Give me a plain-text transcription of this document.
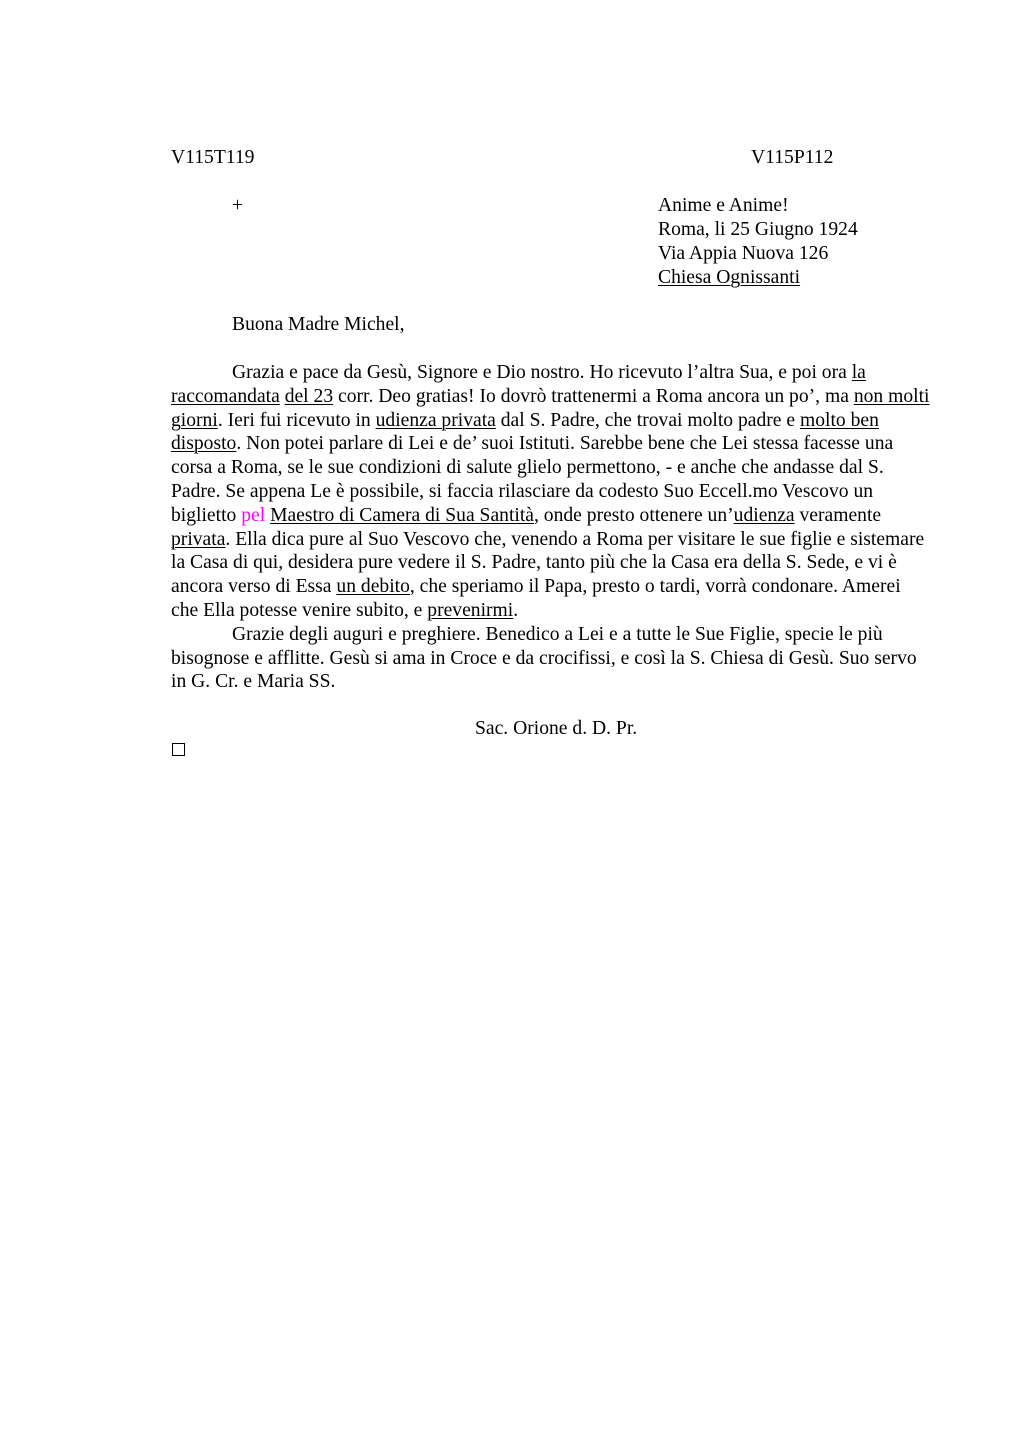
V115T119	V115P112
+	Anime e Anime!
Roma, li 25 Giugno 1924
Via Appia Nuova 126
Chiesa Ognissanti
Buona Madre Michel,

Grazia e pace da Gesù, Signore e Dio nostro. Ho ricevuto l’altra Sua, e poi ora la raccomandata del 23 corr. Deo gratias! Io dovrò trattenermi a Roma ancora un po’, ma non molti giorni. Ieri fui ricevuto in udienza privata dal S. Padre, che trovai molto padre e molto ben disposto. Non potei parlare di Lei e de’ suoi Istituti. Sarebbe bene che Lei stessa facesse una corsa a Roma, se le sue condizioni di salute glielo permettono, - e anche che andasse dal S. Padre. Se appena Le è possibile, si faccia rilasciare da codesto Suo Eccell.mo Vescovo un biglietto pel Maestro di Camera di Sua Santità, onde presto ottenere un’udienza veramente privata. Ella dica pure al Suo Vescovo che, venendo a Roma per visitare le sue figlie e sistemare la Casa di qui, desidera pure vedere il S. Padre, tanto più che la Casa era della S. Sede, e vi è ancora verso di Essa un debito, che speriamo il Papa, presto o tardi, vorrà condonare. Amerei che Ella potesse venire subito, e prevenirmi.

Grazie degli auguri e preghiere. Benedico a Lei e a tutte le Sue Figlie, specie le più bisognose e afflitte. Gesù si ama in Croce e da crocifissi, e così la S. Chiesa di Gesù. Suo servo in G. Cr. e Maria SS.

Sac. Orione d. D. Pr.
